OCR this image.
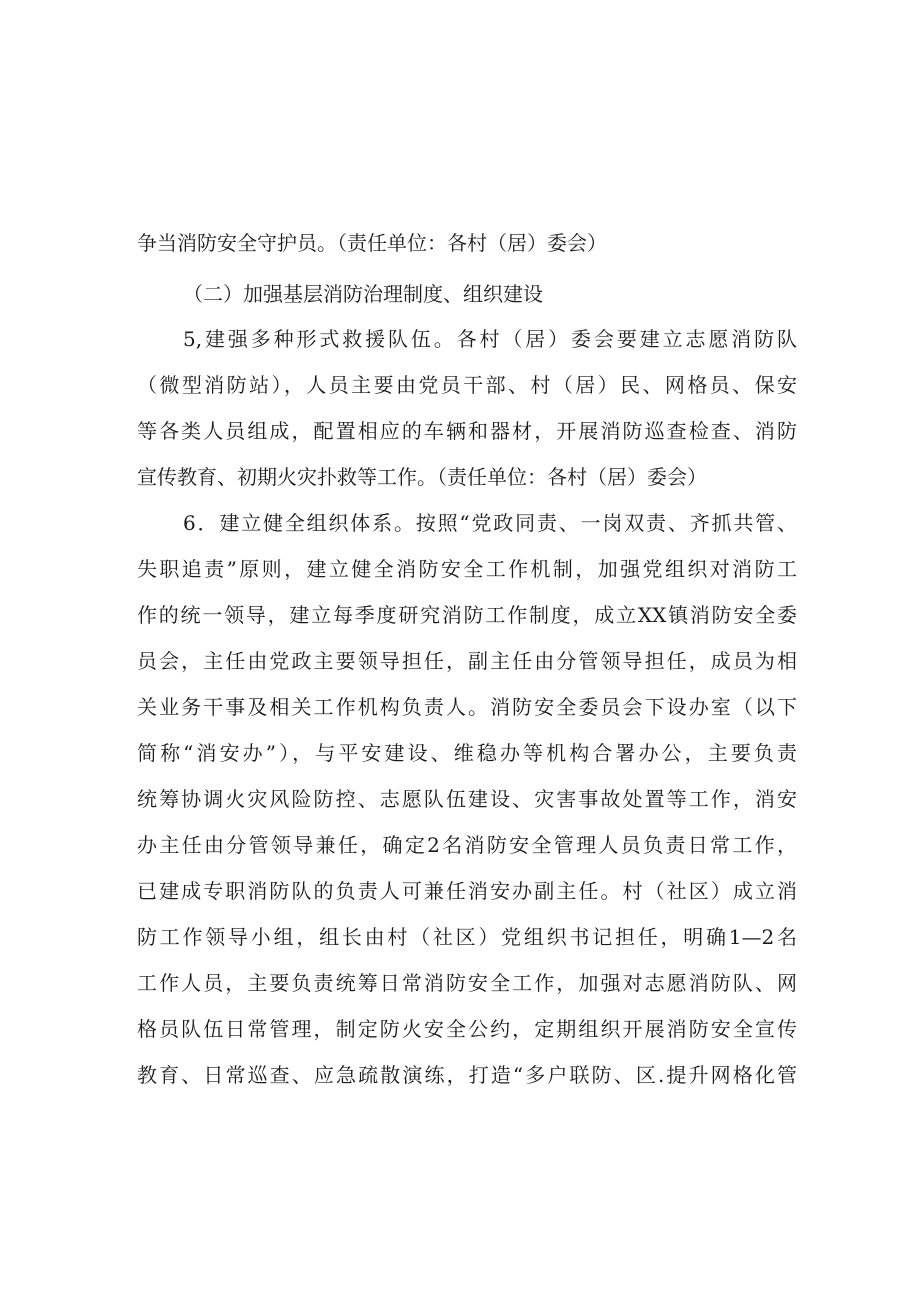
争当消防安全守护员。（责任单位：各村（居）委会）
（二）加强基层消防治理制度、组织建设
5,建强多种形式救援队伍。各村（居）委会要建立志愿消防队
（微型消防站），人员主要由党员干部、村（居）民、网格员、保安
等各类人员组成，配置相应的车辆和器材，开展消防巡查检查、消防
宣传教育、初期火灾扑救等工作。（责任单位：各村（居）委会）
6．建立健全组织体系。按照“党政同责、一岗双责、齐抓共管、
失职追责”原则，建立健全消防安全工作机制，加强党组织对消防工
作的统一领导，建立每季度研究消防工作制度，成立XX镇消防安全委
员会，主任由党政主要领导担任，副主任由分管领导担任，成员为相
关业务干事及相关工作机构负责人。消防安全委员会下设办室（以下
简称“消安办”），与平安建设、维稳办等机构合署办公，主要负责
统筹协调火灾风险防控、志愿队伍建设、灾害事故处置等工作，消安
办主任由分管领导兼任，确定2名消防安全管理人员负责日常工作，
已建成专职消防队的负责人可兼任消安办副主任。村（社区）成立消
防工作领导小组，组长由村（社区）党组织书记担任，明确1—2名
工作人员，主要负责统筹日常消防安全工作，加强对志愿消防队、网
格员队伍日常管理，制定防火安全公约，定期组织开展消防安全宣传
教育、日常巡查、应急疏散演练，打造“多户联防、区.提升网格化管
